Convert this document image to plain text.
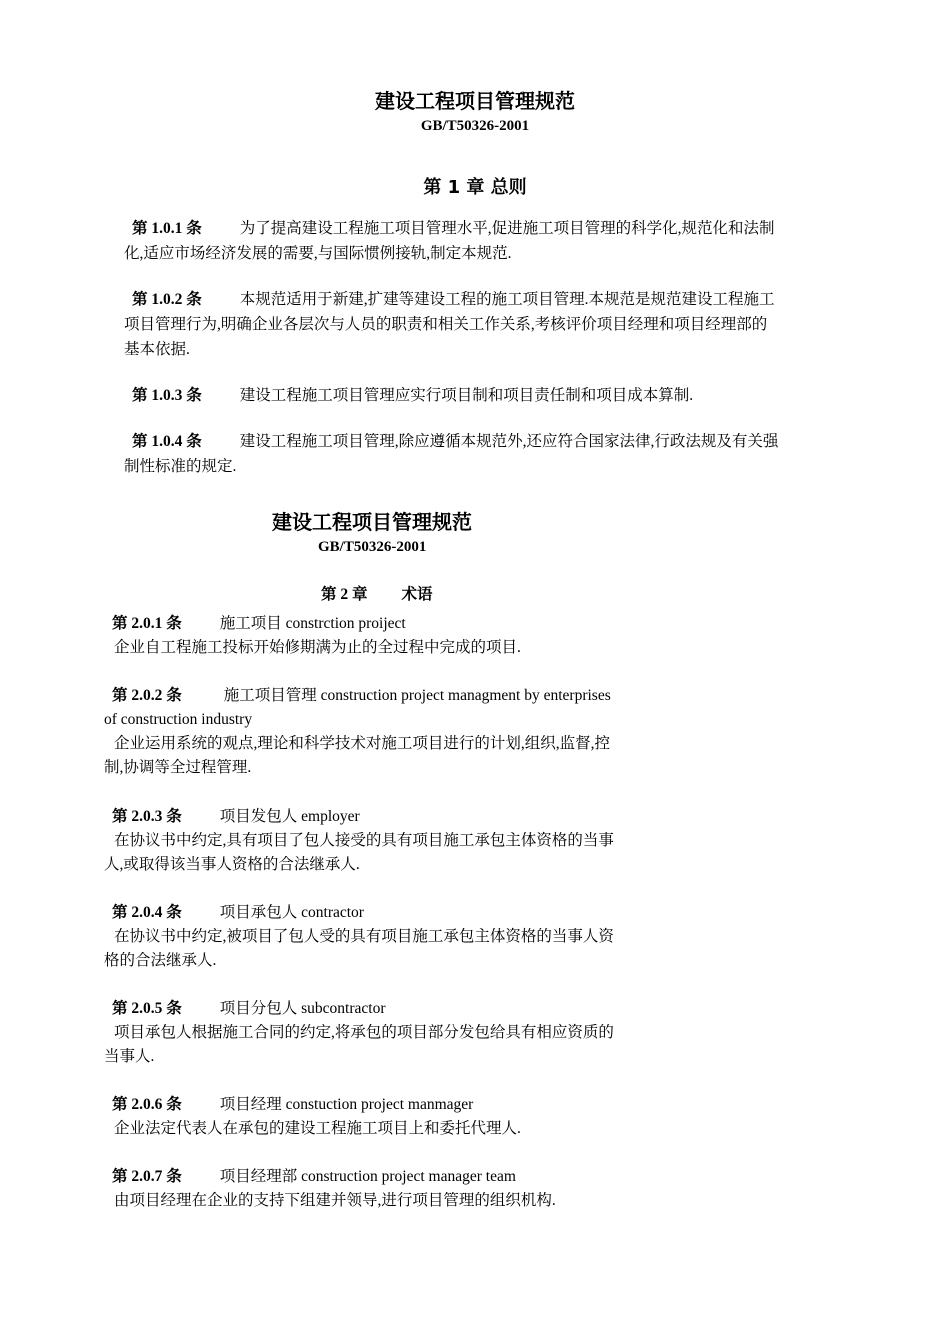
建设工程项目管理规范
GB/T50326-2001
第 1 章 总则
第 1.0.1 条 为了提高建设工程施工项目管理水平,促进施工项目管理的科学化,规范化和法制
化,适应市场经济发展的需要,与国际惯例接轨,制定本规范.
第 1.0.2 条 本规范适用于新建,扩建等建设工程的施工项目管理.本规范是规范建设工程施工
项目管理行为,明确企业各层次与人员的职责和相关工作关系,考核评价项目经理和项目经理部的
基本依据.
第 1.0.3 条 建设工程施工项目管理应实行项目制和项目责任制和项目成本算制.
第 1.0.4 条 建设工程施工项目管理,除应遵循本规范外,还应符合国家法律,行政法规及有关强
制性标准的规定.
建设工程项目管理规范
GB/T50326-2001
第 2 章 术语
第 2.0.1 条 施工项目 constrction proiject
企业自工程施工投标开始修期满为止的全过程中完成的项目.
第 2.0.2 条	施工项目管理 construction project managment by enterprises
of construction industry
企业运用系统的观点,理论和科学技术对施工项目进行的计划,组织,监督,控
制,协调等全过程管理.
第 2.0.3 条 项目发包人 employer
在协议书中约定,具有项目了包人接受的具有项目施工承包主体资格的当事
人,或取得该当事人资格的合法继承人.
第 2.0.4 条 项目承包人 contractor
在协议书中约定,被项目了包人受的具有项目施工承包主体资格的当事人资
格的合法继承人.
第 2.0.5 条 项目分包人 subcontractor
项目承包人根据施工合同的约定,将承包的项目部分发包给具有相应资质的
当事人.
第 2.0.6 条 项目经理 constuction project manmager
企业法定代表人在承包的建设工程施工项目上和委托代理人.
第 2.0.7 条 项目经理部 construction project manager team
由项目经理在企业的支持下组建并领导,进行项目管理的组织机构.
